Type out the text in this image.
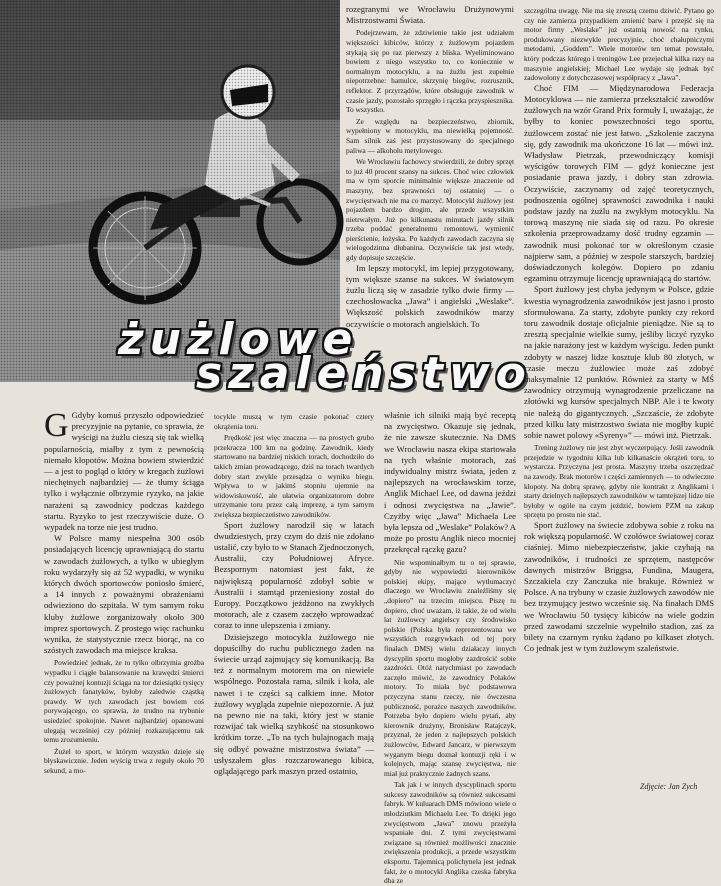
żużlowe
szaleństwo

rozegranymi we Wrocławiu Drużynowymi Mistrzostwami Świata.

Podejrzewam, że zdziwienie takie jest udziałem większości kibiców, którzy z żużlowym pojazdem stykają się po raz pierwszy z bliska. Wyeliminowano bowiem z niego wszystko to, co koniecznie w normalnym motocyklu, a na żużlu jest zupełnie niepotrzebne: hamulce, skrzynię biegów, rozrusznik, reflektor. Z przyrządów, które obsługuje zawodnik w czasie jazdy, pozostało sprzęgło i rączka przyspiesznika. To wszystko.

Ze względu na bezpieczeństwo, zbiornik, wypełniony w motocyklu, ma niewielką pojemność. Sam silnik zaś jest przystosowany do specjalnego paliwa — alkoholu metylowego.

We Wrocławiu fachowcy stwierdzili, że dobry sprzęt to już 40 procent szansy na sukces. Choć wiec człowiek ma w tym sporcie minimalnie większe znaczenie od maszyny, bez sprawności tej ostatniej — o zwycięstwach nie ma co marzyć. Motocykl żużlowy jest pojazdem bardzo drogim, ale przede wszystkim nietrwałym. Już po kilkunastu minutach jazdy silnik trzeba poddać generalnemu remontowi, wymienić pierścienie, łożyska. Po każdych zawodach zaczyna się wielogodzinna dłubanina. Oczywiście tak jest wtedy, gdy dopisuje szczęście.

Im lepszy motocykl, im lepiej przygotowany, tym większe szanse na sukces. W światowym żużlu liczą się w zasadzie tylko dwie firmy — czechosłowacka „Jawa” i angielski „Weslake”. Większość polskich zawodników marzy oczywiście o motorach angielskich. To

szczególna uwagę. Nie ma się zresztą czemu dziwić. Pytano go czy nie zamierza przypadkiem zmienić barw i przejść się na motor firmy „Weslake” już ostatnią nowość na rynku, produkowany niezwykle precyzyjnie, choć chałupniczymi metodami, „Goddem”. Wiele motorów ten temat powstało, który podczas którego i treningów Lee przejechał kilka razy na maszynie angielskiej; Michael Lee wydaje się jednak być zadowolony z dotychczasowej współpracy z „Jawa”.

Choć FIM — Międzynarodowa Federacja Motocyklowa — nie zamierza przekształcić zawodów żużlowych na wzór Grand Prix formuły I, uważając, że byłby to koniec powszechności tego sportu, żużlowcem zostać nie jest łatwo. „Szkolenie zaczyna się, gdy zawodnik ma ukończone 16 lat — mówi inż. Władysław Pietrzak, przewodniczący komisji wyścigów torowych FIM — gdyż konieczne jest posiadanie prawa jazdy, i dobry stan zdrowia. Oczywiście, zaczynamy od zajęć teoretycznych, podnoszenia ogólnej sprawności zawodnika i nauki podstaw jazdy na żużlu na zwykłym motocyklu. Na torową maszynę nie siada się od razu. Po okresie szkolenia przeprowadzamy dość trudny egzamin — zawodnik musi pokonać tor w określonym czasie najpierw sam, a później w zespole starszych, bardziej doświadczonych kolegów. Dopiero po zdaniu egzaminu otrzymuje licencję uprawniającą do startów.

Sport żużlowy jest chyba jedynym w Polsce, gdzie kwestia wynagrodzenia zawodników jest jasno i prosto sformułowana. Za starty, zdobyte punkty czy rekord toru zawodnik dostaje oficjalnie pieniądze. Nie są to zresztą specjalnie wielkie sumy, jeśliby liczyć ryzyko na jakie narażony jest w każdym wyścigu. Jeden punkt zdobyty w naszej lidze kosztuje klub 80 złotych, w czasie meczu żużlowiec może zaś zdobyć maksymalnie 12 punktów. Również za starty w MŚ zawodnicy otrzymują wynagrodzenie przeliczane na złotówki wg kursów specjalnych NBP. Ale i te kwoty nie należą do gigantycznych. „Szczaście, że zdobyte przed kilku laty mistrzostwo świata nie mogłby kupić sobie nawet polowy «Syreny»” — mówi inż. Pietrzak.

Trening żużlowy nie jest zbyt wyczerpujący. Jeśli zawodnik przejedzie w tygodniu kilka lub kilkanaście okrążeń toru, to wystarcza. Przyczyna jest prosta. Maszyny trzeba oszczędzać na zawody. Brak motorów i części zamiennych — to odwieczne kłopoty. Na dobrą sprawę, gdyby nie kontrakt z Anglikami i starty dzielnych najlepszych zawodników w tamtejszej lidze nie byłoby w ogóle na czym jeździć, bowiem PZM na zakup sprzętu po prostu nie stać.

Sport żużlowy na świecie zdobywa sobie z roku na rok większą popularność. W czołówce światowej coraz ciaśniej. Mimo niebezpieczeństw, jakie czyhają na zawodników, i trudności ze sprzętem, następców dawnych mistrzów Briggsa, Fundina, Maugera, Szczakiela czy Zanczuka nie brakuje. Również w Polsce. A na trybuny w czasie żużlowych zawodów nie bez trzymujący jestwo wcześnie się. Na finałach DMS we Wrocławiu 50 tysięcy kibiców na wiele godzin przed zawodami szczelnie wypełniło stadion, zaś za bilety na czarnym rynku żądano po kilkaset złotych. Co jednak jest w tym żużlowym szaleństwie.

G Gdyby komuś przyszło odpowiedzieć precyzyjnie na pytanie, co sprawia, że wyścigi na żużlu cieszą się tak wielką popularnością, miałby z tym z pewnością niemało kłopotów. Można bowiem stwierdzić — a jest to pogląd o który w kregach żużlowi niechętnych najbardziej — że tłumy ściąga tylko i wyłącznie olbrzymie ryzyko, na jakie narażeni są zawodnicy podczas każdego startu. Ryzyko to jest rzeczywiście duże. O wypadek na torze nie jest trudno.

W Polsce mamy niespełna 300 osób posiadających licencję uprawniającą do startu w zawodach żużlowych, a tylko w ubiegłym roku wydarzyły się aż 52 wypadki, w wyniku których dwóch sportowców poniosło śmierć, a 14 innych z poważnymi obrażeniami odwieziono do szpitala. W tym samym roku kluby żużlowe zorganizowały około 300 imprez sportowych. Z prostego więc rachunku wynika, że statystycznie rzecz biorąc, na co szóstych zawodach ma miejsce kraksa.

Powiedzieć jednak, że to tylko olbrzymia groźba wypadku i ciągłe balansowanie na krawędzi śmierci czy poważnej kontuzji ściąga na tor dziesiątki tysięcy żużlowych fanatyków, byłoby zaledwie cząstką prawdy. W tych zawodach jest bowiem coś porywającego, co sprawia, że trudno na trybunie usiedzieć spokojnie. Nawet najbardziej opanowani ulegają wcześniej czy później rozkazującemu tak temu zrozumieniu.

Żużel to sport, w którym wszystko dzieje się błyskawicznie. Jeden wyścig trwa z reguły około 70 sekund, a mo-

tocykle muszą w tym czasie pokonać cztery okrążenia toru.

Prędkość jest więc znaczna — na prostych grubo przekracza 100 km na godzinę. Zawodnik, kiedy startowano na bardziej niskich torach, dochodziło do takich zmian prowadzącego, dziś na torach twardych dobry start zwykle przesądza o wyniku biegu. Wpływa to w jakimś stopniu ujemnie na widowiskowość, ale ułatwia organizatorom dobre utrzymanie toru przez całą imprezę, a tym samym zwiększa bezpieczeństwo zawodników.

Sport żużlowy narodził się w latach dwudziestych, przy czym do dziś nie zdołano ustalić, czy było to w Stanach Zjednoczonych, Australii, czy Południowej Afryce. Bezspornym natomiast jest fakt, że największą popularność zdobył sobie w Australii i stamtąd przeniesiony został do Europy. Początkowo jeżdżono na zwykłych motorach, ale z czasem zaczęło wprowadzać coraz to inne ulepszenia i zmiany.

Dzisiejszego motocykla żużlowego nie dopuścilby do ruchu publicznego żaden na świecie urząd zajmujący się komunikacją. Ba też z normalnym motorem ma on niewiele wspólnego. Pozostała rama, silnik i koła, ale nawet i te części są całkiem inne. Motor żużlowy wygląda zupełnie niepozornie. A już na pewno nie na taki, który jest w stanie rozwijać tak wielką szybkość na stosunkowo krótkim torze. „To na tych hulajnogach mają się odbyć poważne mistrzostwa świata” — usłyszałem głos rozczarowanego kibica, oglądającego park maszyn przed ostatnio,

właśnie ich silniki mają być receptą na zwycięstwo. Okazuje się jednak, że nie zawsze skutecznie. Na DMS we Wrocławiu nasza ekipa startowała na tych właśnie motorach, zaś indywidualny mistrz świata, jeden z najlepszych na wrocławskim torze, Anglik Michael Lee, od dawna jeździ i odnosi zwycięstwa na „Jawie”. Czyżby więc „Jawa” Michaela Lee była lepsza od „Weslake” Polaków? A może po prostu Anglik nieco mocniej przekręcał rączkę gazu?

Nie wspominałbym tu o tej sprawie, gdyby nie wypowiedzi kierowników polskiej ekipy, mające wytłumaczyć dlaczego we Wrocławiu znaleźliśmy się „dopiero” na trzecim miejscu. Piszę tu dopiero, choć uważam, iż takie, że od wielu lat żużlowcy angielscy czy środowisko polskie (Polska była reprezentowana we wszystkich rozgrywkach od tej pory finałach DMS) wielu działaczy innych dyscyplin sportu mogłoby zazdrościć sobie zazdrości. Otóż natychmiast po zawodach zaczęło mówić, że zawodnicy Polaków motory. To miała być podstawowa przyczyna stanu rzeczy, nie ówczesna publiczność, porażce naszych zawodników. Potrzeba było dopiero wielu pytań, aby kierownik drużyny, Bronisław Ratajczyk, przyznał, że jeden z najlepszych polskich żużlowców, Edward Jancarz, w pierwszym wyganym biegu doznał kontuzji ręki i w kolejnych, mając szansę zwycięstwa, nie miał już praktycznie żadnych szans.

Tak jak i w innych dyscyplinach sportu sukcesy zawodników są również sukcesami fabryk. W kuluarach DMS mówiono wiele o młodziutkim Michaelu Lee. To dzięki jego zwycięstwom „Jawa” znowu przeżyła wspaniałe dni. Z tymi zwycięstwami związane są również możliwości znacznie zwiększenia produkcji, a przede wszystkim eksportu. Tajemnicą polichynela jest jednak fakt, że o motocykl Anglika czeska fabryka dba ze

Zdjęcie: Jan Zych
